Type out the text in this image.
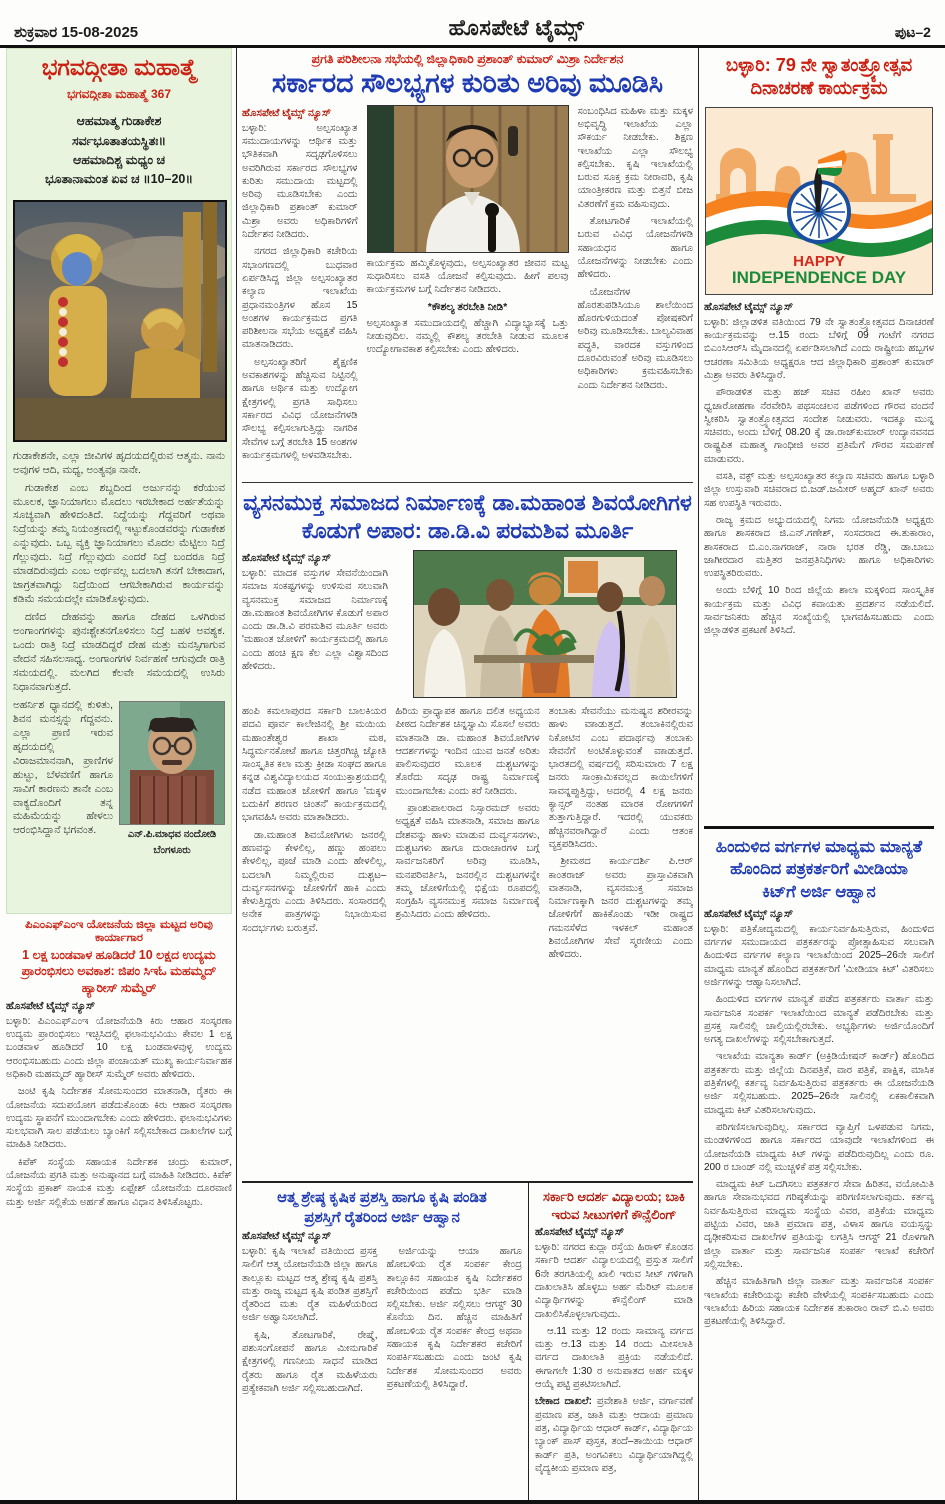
ಶುಕ್ರವಾರ 15-08-2025	ಹೊಸಪೇಟೆ ಟೈಮ್ಸ್	ಪುಟ–2
ಭಗವದ್ಗೀತಾ ಮಹಾತ್ಮೆ
ಭಗವದ್ಗೀತಾ ಮಹಾತ್ಮೆ 367
ಆಹಮಾತ್ಮ ಗುಡಾಕೇಶ
ಸರ್ವಭೂತಾತಯಸ್ಥಿತಃ॥
ಆಹಮಾದಿಶ್ಚ ಮಧ್ಯಂ ಚ
ಭೂತಾನಾಮಂತ ಏವ ಚ ॥10–20॥

ಗುಡಾಕೇಶನೇ, ಎಲ್ಲಾ ಜೀವಿಗಳ ಹೃದಯದಲ್ಲಿರುವ ಆತ್ಮನು. ನಾನು ಅವುಗಳ ಆದಿ, ಮಧ್ಯ, ಅಂತ್ಯವೂ ನಾನೇ.

ಗುಡಾಕೇಶ ಎಂಬ ಶಬ್ದದಿಂದ ಅರ್ಜುನನ್ನು ಕರೆಯುವ ಮೂಲಕ, ಜ್ಞಾನಿಯಾಗಲು ಮೊದಲು ಇರಬೇಕಾದ ಅರ್ಹತೆಯನ್ನು ಸೂಚ್ಯವಾಗಿ ಹೇಳಿದಂತಿದೆ. ನಿದ್ದೆಯನ್ನು ಗೆದ್ದವರಿಗೆ ಅಥವಾ ನಿದ್ರೆಯನ್ನು ತಮ್ಮ ನಿಯಂತ್ರಣದಲ್ಲಿ ಇಟ್ಟುಕೊಂಡವರನ್ನು ಗುಡಾಕೇಶ ಎನ್ನುವುದು. ಒಬ್ಬ ವ್ಯಕ್ತಿ ಜ್ಞಾನಿಯಾಗಲು ಮೊದಲ ಮೆಟ್ಟಿಲು ನಿದ್ರೆ ಗೆಲ್ಲುವುದು. ನಿದ್ರೆ ಗೆಲ್ಲುವುದು ಎಂದರೆ ನಿದ್ರೆ ಬಂದರೂ ನಿದ್ರೆ ಮಾಡದಿರುವುದು ಎಂಬ ಅರ್ಥವಲ್ಲ ಬದಲಾಗಿ ತನಗೆ ಬೇಕಾದಾಗ, ಜಾಗ್ರತವಾಗಿದ್ದು ನಿದ್ರೆಯಿಂದ ಆಗಬೇಕಾಗಿರುವ ಕಾರ್ಯವನ್ನು ಕಡಿಮೆ ಸಮಯದಲ್ಲೇ ಮಾಡಿಕೊಳ್ಳುವುದು.

ದಣಿದ ದೇಹವನ್ನು ಹಾಗೂ ದೇಹದ ಒಳಗಿರುವ ಅಂಗಾಂಗಗಳನ್ನು ಪುನಃಶ್ಚೇತನಗೊಳಿಸಲು ನಿದ್ರೆ ಬಹಳ ಅವಶ್ಯಕ. ಒಂದು ರಾತ್ರಿ ನಿದ್ರೆ ಮಾಡದಿದ್ದರೆ ದೇಹ ಮತ್ತು ಮನಸ್ಸಿಗಾಗುವ ವೇದನೆ ಸಹಿಸಲಸಾಧ್ಯ. ಅಂಗಾಂಗಗಳ ನಿರ್ವಹಣೆ ಆಗುವುದೇ ರಾತ್ರಿ ಸಮಯದಲ್ಲಿ. ಮಲಗಿದ ಕೆಲವೇ ಸಮಯದಲ್ಲಿ ಉಸಿರು ನಿಧಾನವಾಗುತ್ತದೆ.

ಎನ್.ಪಿ.ಮಾಧವ ನಂದೋಡಿ
ಬೆಂಗಳೂರು

ಅಹರ್ನಿಶ ಧ್ಯಾನದಲ್ಲಿ ಕುಳಿತು, ಶಿವನ ಮನಸ್ಸನ್ನು ಗೆದ್ದವನು. ಎಲ್ಲಾ ಪ್ರಾಣಿ ಇರುವ ಹೃದಯದಲ್ಲಿ ವಿರಾಜಮಾನನಾಗಿ, ಪ್ರಾಣಿಗಳ ಹುಟ್ಟು, ಬೆಳವಣಿಗೆ ಹಾಗೂ ಸಾವಿಗೆ ಕಾರಣನು ತಾನೇ ಎಂಬ ವಾಕ್ಯದೊಂದಿಗೆ ತನ್ನ ಮಹಿಮೆಯನ್ನು ಹೇಳಲು ಆರಂಭಿಸಿದ್ದಾನೆ ಭಗವಂತ.

ಪಿಎಂಎಫ್ಎಂಇ ಯೋಜನೆಯ ಜಿಲ್ಲಾ ಮಟ್ಟದ ಅರಿವು ಕಾರ್ಯಾಗಾರ
1 ಲಕ್ಷ ಬಂಡವಾಳ ಹೂಡಿದರೆ 10 ಲಕ್ಷದ ಉದ್ಯಮ ಪ್ರಾರಂಭಿಸಲು ಅವಕಾಶ: ಜಿಪಂ ಸಿಇಓ ಮಹಮ್ಮದ್ ಹ್ಯಾರೀಸ್ ಸುಮ್ಮೆರ್
ಹೊಸಪೇಟೆ ಟೈಮ್ಸ್ ನ್ಯೂಸ್

ಬಳ್ಳಾರಿ: ಪಿಎಂಎಫ್ಎಂಇ ಯೋಜನೆಯಡಿ ಕಿರು ಆಹಾರ ಸಂಸ್ಕರಣಾ ಉದ್ಯಮ ಪ್ರಾರಂಭಿಸಲು ಇಚ್ಛಿಸಿದಲ್ಲಿ ಫಲಾನುಭವಿಯು ಕೇವಲ 1 ಲಕ್ಷ ಬಂಡವಾಳ ಹೂಡಿದರೆ 10 ಲಕ್ಷ ಬಂಡವಾಳವುಳ್ಳ ಉದ್ಯಮ ಆರಂಭಿಸಬಹುದು ಎಂದು ಜಿಲ್ಲಾ ಪಂಚಾಯತ್ ಮುಖ್ಯ ಕಾರ್ಯನಿರ್ವಾಹಕ ಅಧಿಕಾರಿ ಮಹಮ್ಮದ್ ಹ್ಯಾರೀಸ್ ಸುಮ್ಮೆರ್ ಅವರು ಹೇಳಿದರು.

ಜಂಟಿ ಕೃಷಿ ನಿರ್ದೇಶಕ ಸೋಮಸುಂದರ ಮಾತನಾಡಿ, ರೈತರು ಈ ಯೋಜನೆಯ ಸದುಪಯೋಗ ಪಡೆದುಕೊಂಡು ಕಿರು ಆಹಾರ ಸಂಸ್ಕರಣಾ ಉದ್ಯಮ ಸ್ಥಾಪನೆಗೆ ಮುಂದಾಗಬೇಕು ಎಂದು ಹೇಳಿದರು. ಫಲಾನುಭವಿಗಳು ಸುಲಭವಾಗಿ ಸಾಲ ಪಡೆಯಲು ಬ್ಯಾಂಕಿಗೆ ಸಲ್ಲಿಸಬೇಕಾದ ದಾಖಲೆಗಳ ಬಗ್ಗೆ ಮಾಹಿತಿ ನೀಡಿದರು.

ಕಿಪೆಕ್ ಸಂಸ್ಥೆಯ ಸಹಾಯಕ ನಿರ್ದೇಶಕ ಚಂದ್ರು ಕುಮಾರ್, ಯೋಜನೆಯ ಪ್ರಗತಿ ಮತ್ತು ಅನುಷ್ಠಾನದ ಬಗ್ಗೆ ಮಾಹಿತಿ ನೀಡಿದರು. ಕಿಪೆಕ್ ಸಂಸ್ಥೆಯ ಪ್ರಕಾಶ್ ನಾಯಕ ಮತ್ತು ಏಫ್ಸೇಶ್ ಯೋಜನೆಯ ದೂರವಾಣಿ ಮತ್ತು ಅರ್ಜಿ ಸಲ್ಲಿಕೆಯ ಅರ್ಹತೆ ಹಾಗೂ ವಿಧಾನ ತಿಳಿಸಿಕೊಟ್ಟರು.

ಪ್ರಗತಿ ಪರಿಶೀಲನಾ ಸಭೆಯಲ್ಲಿ ಜಿಲ್ಲಾಧಿಕಾರಿ ಪ್ರಶಾಂತ್ ಕುಮಾರ್ ಮಿಶ್ರಾ ನಿರ್ದೇಶನ
ಸರ್ಕಾರದ ಸೌಲಭ್ಯಗಳ ಕುರಿತು ಅರಿವು ಮೂಡಿಸಿ
ಹೊಸಪೇಟೆ ಟೈಮ್ಸ್ ನ್ಯೂಸ್

ಬಳ್ಳಾರಿ: ಅಲ್ಪಸಂಖ್ಯಾತ ಸಮುದಾಯಗಳನ್ನು ಆರ್ಥಿಕ ಮತ್ತು ಭೌತಿಕವಾಗಿ ಸದೃಢಗೊಳಿಸಲು ಅವರಿಗಿರುವ ಸರ್ಕಾರದ ಸೌಲಭ್ಯಗಳ ಕುರಿತು ಸಮುದಾಯ ಮಟ್ಟದಲ್ಲಿ ಅರಿವು ಮೂಡಿಸಬೇಕು ಎಂದು ಜಿಲ್ಲಾಧಿಕಾರಿ ಪ್ರಶಾಂತ್ ಕುಮಾರ್ ಮಿಶ್ರಾ ಅವರು ಅಧಿಕಾರಿಗಳಿಗೆ ನಿರ್ದೇಶನ ನೀಡಿದರು.

ನಗರದ ಜಿಲ್ಲಾಧಿಕಾರಿ ಕಚೇರಿಯ ಸಭಾಂಗಣದಲ್ಲಿ ಬುಧವಾರ ಏರ್ಪಡಿಸಿದ್ದ ಜಿಲ್ಲಾ ಅಲ್ಪಸಂಖ್ಯಾತರ ಕಲ್ಯಾಣ ಇಲಾಖೆಯ ಪ್ರಧಾನಮಂತ್ರಿಗಳ ಹೊಸ 15 ಅಂಶಗಳ ಕಾರ್ಯಕ್ರಮದ ಪ್ರಗತಿ ಪರಿಶೀಲನಾ ಸಭೆಯ ಅಧ್ಯಕ್ಷತೆ ವಹಿಸಿ ಮಾತನಾಡಿದರು.

ಅಲ್ಪಸಂಖ್ಯಾತರಿಗೆ ಶೈಕ್ಷಣಿಕ ಅವಕಾಶಗಳನ್ನು ಹೆಚ್ಚಿಸುವ ನಿಟ್ಟಿನಲ್ಲಿ ಹಾಗೂ ಅರ್ಥಿಕ ಮತ್ತು ಉದ್ಯೋಗ ಕ್ಷೇತ್ರಗಳಲ್ಲಿ ಪ್ರಗತಿ ಸಾಧಿಸಲು ಸರ್ಕಾರದ ವಿವಿಧ ಯೋಜನೆಗಳಡಿ ಸೌಲಭ್ಯ ಕಲ್ಪಿಸಲಾಗುತ್ತಿದ್ದು ನಾಗರಿಕ ಸೇವೆಗಳ ಬಗ್ಗೆ ತರಬೇತಿ 15 ಅಂಶಗಳ ಕಾರ್ಯಕ್ರಮಗಳಲ್ಲಿ ಅಳವಡಿಸಬೇಕು.

ಕಾರ್ಯಕ್ರಮ ಹಮ್ಮಿಕೊಳ್ಳವುದು, ಅಲ್ಪಸಂಖ್ಯಾತರ ಜೀವನ ಮಟ್ಟ ಸುಧಾರಿಸಲು ವಸತಿ ಯೋಜನೆ ಕಲ್ಪಿಸುವುದು. ಹೀಗೆ ಪಲವು ಕಾರ್ಯಕ್ರಮಗಳ ಬಗ್ಗೆ ನಿರ್ದೇಶನ ನೀಡಿದರು.

*ಕೌಶಲ್ಯ ತರಬೇತಿ ನೀಡಿ*

ಅಲ್ಪಸಂಖ್ಯಾತ ಸಮುದಾಯದಲ್ಲಿ ಹೆಚ್ಚಾಗಿ ವಿದ್ಯಾಭ್ಯಾಸಕ್ಕೆ ಒತ್ತು ನೀಡುವುದಿಲ. ನಮ್ಮಲ್ಲಿ ಕೌಶಲ್ಯ ತರಬೇತಿ ನೀಡುವ ಮೂಲಕ ಉದ್ಯೋಗಾವಕಾಶ ಕಲ್ಪಿಸಬೇಕು ಎಂದು ಹೇಳಿದರು.

ಸಂಬಂಧಿಸಿದ ಮಹಿಳಾ ಮತ್ತು ಮಕ್ಕಳ ಅಭಿವೃದ್ಧಿ ಇಲಾಖೆಯ ಎಲ್ಲಾ ಸೌಕರ್ಯ ನೀಡಬೇಕು. ಶಿಕ್ಷಣ ಇಲಾಖೆಯ ಎಲ್ಲಾ ಸೌಲಭ್ಯ ಕಲ್ಪಿಸಬೇಕು. ಕೃಷಿ ಇಲಾಖೆಯಲ್ಲಿ ಬರುವ ಸೂಕ್ತ ಕ್ರಮ ನೀರಾವರಿ, ಕೃಷಿ ಯಾಂತ್ರೀಕರಣ ಮತ್ತು ಬಿತ್ತನೆ ಬೀಜ ವಿತರಣೆಗೆ ಕ್ರಮ ವಹಿಸುವುದು.

ತೋಟಗಾರಿಕೆ ಇಲಾಖೆಯಲ್ಲಿ ಬರುವ ವಿವಿಧ ಯೋಜನೆಗಳಡಿ ಸಹಾಯಧನ ಹಾಗೂ ಯೋಜನೆಗಳನ್ನು ನೀಡಬೇಕು ಎಂದು ಹೇಳಿದರು.

ಯೋಜನೆಗಳ ಹೊರತುಪಡಿಸಿಯೂ ಶಾಲೆಯಿಂದ ಹೊರಗುಳಿಯದಂತೆ ಪೋಷಕರಿಗೆ ಅರಿವು ಮೂಡಿಸಬೇಕು. ಬಾಲ್ಯವಿವಾಹ ಪದ್ಧತಿ, ವಾರದಕ ವಸ್ತುಗಳಿಂದ ದೂರವಿರುವಂತೆ ಅರಿವು ಮೂಡಿಸಲು ಅಧಿಕಾರಿಗಳು ಕ್ರಮವಹಿಸಬೇಕು ಎಂದು ನಿರ್ದೇಶನ ನೀಡಿದರು.

ವ್ಯಸನಮುಕ್ತ ಸಮಾಜದ ನಿರ್ಮಾಣಕ್ಕೆ ಡಾ.ಮಹಾಂತ ಶಿವಯೋಗಿಗಳ
ಕೊಡುಗೆ ಅಪಾರ: ಡಾ.ಡಿ.ವಿ ಪರಮಶಿವ ಮೂರ್ತಿ
ಹೊಸಪೇಟೆ ಟೈಮ್ಸ್ ನ್ಯೂಸ್

ಬಳ್ಳಾರಿ: ಮಾದಕ ವಸ್ತುಗಳ ಸೇವನೆಯಿಂದಾಗಿ ಸಮಾಜ ಸಂಕಷ್ಟಗಳನ್ನು ಉಳಿಸುವ ಸಲುವಾಗಿ ವ್ಯಸನಮುಕ್ತ ಸಮಾಜದ ನಿರ್ಮಾಣಕ್ಕೆ ಡಾ.ಮಹಾಂತ ಶಿವಯೋಗಿಗಳ ಕೊಡುಗೆ ಅಪಾರ ಎಂದು ಡಾ.ಡಿ.ವಿ ಪರಮಶಿವ ಮೂರ್ತಿ ಅವರು 'ಮಹಾಂತ ಜೋಳಿಗೆ' ಕಾರ್ಯಕ್ರಮದಲ್ಲಿ ಹಾಗೂ ಎಂದು ಹಂಚಿ ಕ್ಷಣ ಕೆಲ ಎಲ್ಲಾ ವಿಶ್ವಾಸದಿಂದ ಹೇಳಿದರು.

ಹಂಪಿ ಕಮಲಾಪುರದ ಸರ್ಕಾರಿ ಬಾಲಕಿಯರ ಪದವಿ ಪೂರ್ವ ಕಾಲೇಜಿನಲ್ಲಿ ಶ್ರೀ ಮಯಿಯ ಮಹಾಂತೇಶ್ವರ ಶಾಖಾ ಮಠ, ಸಿದ್ಧರ್ಮನಕೋಟೆ ಹಾಗೂ ಚಿತ್ತರಗಿಚ್ಚಿ ಜ್ಯೋತಿ ಸಾಂಸ್ಕೃತಿಕ ಕಲಾ ಮತ್ತು ಕ್ರೀಡಾ ಸಂಘದ ಹಾಗೂ ಕನ್ನಡ ವಿಶ್ವವಿದ್ಯಾಲಯದ ಸಂಯುಕ್ತಾಶ್ರಯದಲ್ಲಿ ನಡೆದ ಮಹಾಂತ ಜೋಳಿಗೆ ಹಾಗೂ 'ಮಕ್ಕಳ ಬದುಕಿಗೆ ಶರಣರ ಚಿಂತನೆ' ಕಾರ್ಯಕ್ರಮದಲ್ಲಿ ಭಾಗವಹಿಸಿ ಅವರು ಮಾತಾಡಿದರು.

ಡಾ.ಮಹಾಂತ ಶಿವಯೋಗಿಗಳು ಜನರಲ್ಲಿ ಹಣವನ್ನು ಕೇಳಲಿಲ್ಲ, ಹಣ್ಣು ಹಂಪಲು ಕೇಳಲಿಲ್ಲ, ಪೂಜೆ ಮಾಡಿ ಎಂದು ಹೇಳಲಿಲ್ಲ, ಬದಲಾಗಿ ನಿಮ್ಮಲ್ಲಿರುವ ದುಶ್ಚಟ–ದುರ್ವ್ಯಸನಗಳನ್ನು ಜೋಳಿಗೆಗೆ ಹಾಕಿ ಎಂದು ಕೇಳುತ್ತಿದ್ದರು ಎಂದು ತಿಳಿಸಿದರು. ಸಂಸಾರದಲ್ಲಿ ಅನೇಕ ಪಾತ್ರಗಳನ್ನು ನಿಭಾಯಿಸುವ ಸಂದರ್ಭಗಳು ಬರುತ್ತವೆ.

ಹಿರಿಯ ಪ್ರಾಧ್ಯಾಪಕ ಹಾಗೂ ದಲಿತ ಅಧ್ಯಯನ ಪೀಠದ ನಿರ್ದೇಶಕ ಚಿನ್ನಸ್ವಾಮಿ ಸೊಸಲೆ ಅವರು ಮಾತನಾಡಿ ಡಾ. ಮಹಾಂತ ಶಿವಯೋಗಿಗಳ ಆದರ್ಶಗಳನ್ನು ಇಂದಿನ ಯುವ ಜನತೆ ಅರಿತು ಪಾಲಿಸುವುದರ ಮೂಲಕ ದುಶ್ಚಟಗಳನ್ನು ತೊರೆದು ಸದೃಢ ರಾಷ್ಟ್ರ ನಿರ್ಮಾಣಕ್ಕೆ ಮುಂದಾಗಬೇಕು ಎಂದು ಕರೆ ನೀಡಿದರು.

ಪ್ರಾಂಶುಪಾಲರಾದ ನಿಸ್ಸಾರಮದ್ ಅವರು ಅಧ್ಯಕ್ಷತೆ ವಹಿಸಿ ಮಾತನಾಡಿ, ಸಮಾಜ ಹಾಗೂ ದೇಶವನ್ನು ಹಾಳು ಮಾಡುವ ದುರ್ವ್ಯಸನಗಳು, ದುಶ್ಚಟಗಳು ಹಾಗೂ ದುರಾಚಾರಗಳ ಬಗ್ಗೆ ಸಾರ್ವಜನಿಕರಿಗೆ ಅರಿವು ಮೂಡಿಸಿ, ಮನಪರಿವರ್ತಿಸಿ, ಜನರಲ್ಲಿನ ದುಶ್ಚಟಗಳನ್ನೇ ತಮ್ಮ ಜೋಳಿಗೆಯಲ್ಲಿ ಭಿಕ್ಷೆಯ ರೂಪದಲ್ಲಿ ಸಂಗ್ರಹಿಸಿ ವ್ಯಸನಮುಕ್ತ ಸಮಾಜ ನಿರ್ಮಾಣಕ್ಕೆ ಶ್ರಮಿಸಿದರು ಎಂದು ಹೇಳಿದರು.

ತಂಬಾಕು ಸೇವನೆಯು ಮನುಷ್ಯನ ಶರೀರವನ್ನು ಹಾಳು ವಾಾಡುತ್ತದೆ. ತಂಬಾಕಿನಲ್ಲಿರುವ ನಿಕೋಟಿನ ಎಂಬ ಪದಾರ್ಥವು ತಂಬಾಕು ಸೇವನೆಗೆ ಅಂಟಿಕೊಳ್ಳುವಂತೆ ವಾಾಡುತ್ತದೆ. ಭಾರತದಲ್ಲಿ ವರ್ಷದಲ್ಲಿ ಸರಿಸುಮಾರು 7 ಲಕ್ಷ ಜನರು ಸಾಂಕ್ರಾಮಿಕವಲ್ಲದ ಕಾಯಿಲೆಗಳಿಗೆ ಸಾವನ್ನಪ್ಪುತ್ತಿದ್ದು, ಅದರಲ್ಲಿ 4 ಲಕ್ಷ ಜನರು ಕ್ಯಾನ್ಸರ್ ನಂತಹ ಮಾರಕ ರೋಗಗಳಿಗೆ ತುತ್ತಾಗುತ್ತಿದ್ದಾರೆ. ಇದರಲ್ಲಿ ಯುವಕರು ಹೆಚ್ಚಿನವರಾಗಿದ್ದಾರೆ ಎಂದು ಆತಂಕ ವ್ಯಕ್ತಪಡಿಸಿದರು.

ಶ್ರೀಮಠದ ಕಾರ್ಯದರ್ಶಿ ಪಿ.ಆರ್ ಕಾಂತರಾಜ್ ಅವರು ಪ್ರಾಸ್ತಾವಿಕವಾಗಿ ವಾತನಾಡಿ, ವ್ಯಸನಮುಕ್ತ ಸಮಾಜ ನಿರ್ಮಾಣಕ್ಕಾಗಿ ಜನರ ದುಶ್ಚಟಗಳನ್ನು ತಮ್ಮ ಜೋಳಿಗೆಗೆ ಹಾಕಿಕೊಂಡು ಇಡೀ ರಾಷ್ಟ್ರದ ಗಮನಸೆಳೆದ ಇಳಕಲ್ ಮಹಾಂತ ಶಿವಯೋಗಿಗಳ ಸೇವೆ ಸ್ಮರಣೀಯ ಎಂದು ಹೇಳಿದರು.

ಆತ್ಮ ಶ್ರೇಷ್ಠ ಕೃಷಿಕ ಪ್ರಶಸ್ತಿ ಹಾಗೂ ಕೃಷಿ ಪಂಡಿತ
ಪ್ರಶಸ್ತಿಗೆ ರೈತರಿಂದ ಅರ್ಜಿ ಆಹ್ವಾನ
ಹೊಸಪೇಟೆ ಟೈಮ್ಸ್ ನ್ಯೂಸ್

ಬಳ್ಳಾರಿ: ಕೃಷಿ ಇಲಾಖೆ ವತಿಯಿಂದ ಪ್ರಸಕ್ತ ಸಾಲಿಗೆ ಆತ್ಮ ಯೋಜನೆಯಡಿ ಜಿಲ್ಲಾ ಹಾಗೂ ತಾಲ್ಲೂಕು ಮಟ್ಟದ ಆತ್ಮ ಶ್ರೇಷ್ಠ ಕೃಷಿ ಪ್ರಶಸ್ತಿ ಮತ್ತು ರಾಜ್ಯ ಮಟ್ಟದ ಕೃಷಿ ಪಂಡಿತ ಪ್ರಶಸ್ತಿಗೆ ರೈತರಿಂದ ಮತು ರೈತ ಮಹಿಳೆಯರಿಂದ ಅರ್ಜಿ ಅಹ್ವಾನಿಸಲಾಗಿದೆ.

ಕೃಷಿ, ತೋಟಗಾರಿಕೆ, ರೇಷ್ಮೆ, ಪಶುಸಂಗೋಪನೆ ಹಾಗೂ ಮೀನುಗಾರಿಕೆ ಕ್ಷೇತ್ರಗಳಲ್ಲಿ ಗಣನೀಯ ಸಾಧನೆ ಮಾಡಿದ ರೈತರು ಹಾಗೂ ರೈತ ಮಹಿಳೆಯರು ಪ್ರತ್ಯೇಕವಾಗಿ ಅರ್ಜಿ ಸಲ್ಲಿಸಬಹುದಾಗಿದೆ.

ಅರ್ಜಿಯನ್ನು ಆಯಾ ಹಾಗೂ ಹೋಬಳಿಯ ರೈತ ಸಂಪರ್ಕ ಕೇಂದ್ರ ತಾಲ್ಲೂಕಿನ ಸಹಾಯಕ ಕೃಷಿ ನಿರ್ದೇಶಕರ ಕಚೇರಿಯಿಂದ ಪಡೆದು ಭರ್ತಿ ಮಾಡಿ ಸಲ್ಲಿಸಬೇಕು. ಅರ್ಜಿ ಸಲ್ಲಿಸಲು ಆಗಸ್ಟ್ 30 ಕೊನೆಯ ದಿನ. ಹೆಚ್ಚಿನ ಮಾಹಿತಿಗೆ ಹೋಬಳಿಯ ರೈತ ಸಂಪರ್ಕ ಕೇಂದ್ರ ಅಥವಾ ಸಹಾಯಕ ಕೃಷಿ ನಿರ್ದೇಶಕರ ಕಚೇರಿಗೆ ಸಂಪರ್ಕಿಸಬಹುದು ಎಂದು ಜಂಟಿ ಕೃಷಿ ನಿರ್ದೇಶಕ ಸೋಮಸುಂದರ ಅವರು ಪ್ರಕಟಣೆಯಲ್ಲಿ ತಿಳಿಸಿದ್ದಾರೆ.

ಸರ್ಕಾರಿ ಆದರ್ಶ ವಿದ್ಯಾಲಯ; ಬಾಕಿ
ಇರುವ ಸೀಟುಗಳಿಗೆ ಕೌನ್ಸೆಲಿಂಗ್
ಹೊಸಪೇಟೆ ಟೈಮ್ಸ್ ನ್ಯೂಸ್

ಬಳ್ಳಾರಿ: ನಗರದ ಕುದ್ಲಾ ರಸ್ತೆಯ ಹಿರಾಳ್ ಕೊಂಡನ ಸರ್ಕಾರಿ ಆದರ್ಶ ವಿದ್ಯಾಲಯದಲ್ಲಿ ಪ್ರಸ್ತುತ ಸಾಲಿಗೆ 6ನೇ ತರಗತಿಯಲ್ಲಿ ಖಾಲಿ ಇರುವ ಸೀಟ್ ಗಳಿಗಾಗಿ ದಾಖಲಾತಿಸಿ ಹೊಳ್ಳಬು ಅರ್ಹ ಮೆರಿಟ್ ಮೂಲಕ ವಿದ್ಯಾರ್ಥಿಗಳನ್ನು ಕೌನ್ಸೆಲಿಂಗ್ ಮಾಡಿ ದಾಖಲಿಸಿಕೊಳ್ಳಲಾಗುವುದು.

ಆ.11 ಮತ್ತು 12 ರಂದು ಸಾಮಾನ್ಯ ವರ್ಗದ ಮತ್ತು ಆ.13 ಮತ್ತು 14 ರಂದು ಮೀಸಲಾತಿ ವರ್ಗದ ದಾಖಲಾತಿ ಪ್ರಕ್ರಿಯ ನಡೆಯಲಿದೆ. ಈಗಾಗಲೇ 1:30 ರ ಅನುಪಾತದ ಅರ್ಹ ಮಕ್ಕಳ ಆಯ್ಕೆ ಪಟ್ಟಿ ಪ್ರಕಟಿಸಲಾಗಿದೆ.

ಬೇಕಾದ ದಾಖಲೆ: ಪ್ರವೇಶಾತಿ ಅರ್ಜಿ, ವರ್ಗಾವಣೆ ಪ್ರಮಾಣ ಪತ್ರ, ಜಾತಿ ಮತ್ತು ಆದಾಯ ಪ್ರಮಾಣ ಪತ್ರ, ವಿದ್ಯಾರ್ಥಿಯ ಆಧಾರ್ ಕಾರ್ಡ್, ವಿದ್ಯಾರ್ಥಿಯ ಬ್ಯಾಂಕ್ ಪಾಸ್ ಪುಸ್ತಕ, ತಂದೆ–ತಾಯಿಯ ಆಧಾರ್ ಕಾರ್ಡ್ ಪ್ರತಿ, ಅಂಗವಿಕಲು ವಿದ್ಯಾರ್ಥಿಯಾಗಿದ್ದಲ್ಲಿ ವೈದ್ಯಕೀಯ ಪ್ರಮಾಣ ಪತ್ರ,

ಬಳ್ಳಾರಿ: 79 ನೇ ಸ್ವಾತಂತ್ರ್ಯೋತ್ಸವ
ದಿನಾಚರಣೆ ಕಾರ್ಯಕ್ರಮ
HAPPY
INDEPENDENCE DAY
ಹೊಸಪೇಟೆ ಟೈಮ್ಸ್ ನ್ಯೂಸ್

ಬಳ್ಳಾರಿ: ಜಿಲ್ಲಾಡಳಿತ ವತಿಯಿಂದ 79 ನೇ ಸ್ವಾತಂತ್ರ್ಯೋತ್ಸವದ ದಿನಾಚರಣೆ ಕಾರ್ಯಕ್ರಮವನ್ನು ಆ.15 ರಂದು ಬೆಳಿಗ್ಗೆ 09 ಗಂಟೆಗೆ ನಗರದ ಬಿಎಂಸಿಆರ್‌ಸಿ ಮೈದಾನದಲ್ಲಿ ಏರ್ಪಡಿಸಲಾಗಿದೆ ಎಂದು ರಾಷ್ಟ್ರೀಯ ಹಬ್ಬಗಳ ಆಚರಣಾ ಸಮಿತಿಯ ಅಧ್ಯಕ್ಷರೂ ಆದ ಜಿಲ್ಲಾಧಿಕಾರಿ ಪ್ರಶಾಂತ್ ಕುಮಾರ್ ಮಿಶ್ರಾ ಅವರು ತಿಳಿಸಿದ್ದಾರೆ.

ಪೌರಾಡಳಿತ ಮತ್ತು ಹಜ್ ಸಚಿವ ರಹೀಂ ಖಾನ್ ಅವರು ಧ್ವಜಾರೋಹಣಾ ನೆರವೇರಿಸಿ ಪಥಸಂಚಲನ ಪಡೆಗಳಿಂದ ಗೌರವ ವಂದನೆ ಸ್ವೀಕರಿಸಿ ಸ್ವಾತಂತ್ರ್ಯೋತ್ಸವದ ಸಂದೇಶ ನೀಡುವರು. ಇದಕ್ಕೂ ಮುನ್ನ ಸಚಿವರು, ಅಂದು ಬೆಳಿಗ್ಗೆ 08.20 ಕ್ಕೆ ಡಾ.ರಾಜ್‌ಕುಮಾರ್ ಉದ್ಯಾನವನದ ರಾಷ್ಟ್ರಪಿತ ಮಹಾತ್ಮ ಗಾಂಧೀಜಿ ಅವರ ಪ್ರತಿಮೆಗೆ ಗೌರವ ಸಮರ್ಪಣೆ ಮಾಡುವರು.

ವಸತಿ, ವಕ್ಫ್ ಮತ್ತು ಅಲ್ಪಸಂಖ್ಯಾತರ ಕಲ್ಯಾಣ ಸಚಿವರು ಹಾಗೂ ಬಳ್ಳಾರಿ ಜಿಲ್ಲಾ ಉಸ್ತುವಾರಿ ಸಚಿವರಾದ ಬಿ.ಜಡ್.ಜಮೀರ್ ಅಹ್ಮದ್ ಖಾನ್ ಅವರು ಸಹ ಉಪಸ್ಥಿತಿ ಇರುವರು.

ರಾಜ್ಯ ಕ್ರಮದ ಅಭ್ಯುದಯದಲ್ಲಿ ನಿಗಮ ಯೋಜನೆಯಡಿ ಅಧ್ಯಕ್ಷರು ಹಾಗೂ ಶಾಸಕರಾದ ಜಿ.ಎನ್.ಗಣೇಶ್, ಸಂಸದರಾದ ಈ.ತುಕಾರಾಂ, ಶಾಸಕರಾದ ಬಿ.ಎಂ.ನಾಗರಾಜ್, ನಾರಾ ಭರತ ರೆಡ್ಡಿ, ಡಾ.ಬಾಬು ಜಾಗೀರದಾರ ಮತ್ತಿತರ ಜನಪ್ರತಿನಿಧಿಗಳು ಹಾಗೂ ಅಧಿಕಾರಿಗಳು ಉಪಸ್ಥಿತರಿರುವರು.

ಅಂದು ಬೆಳಿಗ್ಗೆ 10 ರಿಂದ ಜಿಲ್ಲೆಯ ಶಾಲಾ ಮಕ್ಕಳಿಂದ ಸಾಂಸ್ಕೃತಿಕ ಕಾರ್ಯಕ್ರಮ ಮತ್ತು ವಿವಿಧ ಕವಾಯತು ಪ್ರದರ್ಶನ ನಡೆಯಲಿದೆ. ಸಾರ್ವಜನಿಕರು ಹೆಚ್ಚಿನ ಸಂಖ್ಯೆಯಲ್ಲಿ ಭಾಗವಹಿಸಬಹುದು ಎಂದು ಜಿಲ್ಲಾಡಳಿತ ಪ್ರಕಟಣೆ ತಿಳಿಸಿದೆ.

ಹಿಂದುಳಿದ ವರ್ಗಗಳ ಮಾಧ್ಯಮ ಮಾನ್ಯತೆ
ಹೊಂದಿದ ಪತ್ರಕರ್ತರಿಗೆ ಮೀಡಿಯಾ
ಕಿಟ್‌ಗೆ ಅರ್ಜಿ ಆಹ್ವಾನ
ಹೊಸಪೇಟೆ ಟೈಮ್ಸ್ ನ್ಯೂಸ್

ಬಳ್ಳಾರಿ: ಪತ್ರಿಕೋದ್ಯಮದಲ್ಲಿ ಕಾರ್ಯನಿರ್ವಹಿಸುತ್ತಿರುವ, ಹಿಂದುಳಿದ ವರ್ಗಗಳ ಸಮುದಾಯದ ಪತ್ರಕರ್ತರನ್ನು ಪ್ರೋತ್ಸಾಹಿಸುವ ಸಲುವಾಗಿ ಹಿಂದುಳಿದ ವರ್ಗಗಳ ಕಲ್ಯಾಣ ಇಲಾಖೆಯಿಂದ 2025–26ನೇ ಸಾಲಿಗೆ ಮಾಧ್ಯಮ ಮಾನ್ಯತೆ ಹೊಂದಿದ ಪತ್ರಕರ್ತರಿಗೆ 'ಮೀಡಿಯಾ ಕಿಟ್' ವಿತರಿಸಲು ಅರ್ಜಿಗಳನ್ನು ಆಹ್ವಾನಿಸಲಾಗಿದೆ.

ಹಿಂದುಳಿದ ವರ್ಗಗಳ ಮಾನ್ಯತೆ ಪಡೆದ ಪತ್ರಕರ್ತರು ವಾರ್ತಾ ಮತ್ತು ಸಾರ್ವಜನಿಕ ಸಂಪರ್ಕ ಇಲಾಖೆಯಿಂದ ಮಾನ್ಯತೆ ಪಡೆದಿರಬೇಕು ಮತ್ತು ಪ್ರಸಕ್ತ ಸಾಲಿನಲ್ಲಿ ಚಾಲ್ತಿಯಲ್ಲಿರಬೇಕು. ಅಭ್ಯರ್ಥಿಗಳು ಅರ್ಜಿಯೊಂದಿಗೆ ಅಗತ್ಯ ದಾಖಲೆಗಳನ್ನು ಸಲ್ಲಿಸಬೇಕಾಗುತ್ತದೆ.

ಇಲಾಖೆಯ ಮಾನ್ಯತಾ ಕಾರ್ಡ್ (ಅಕ್ರಿಡಿಯೇಷನ್ ಕಾರ್ಡ್) ಹೊಂದಿದ ಪತ್ರಕರ್ತರು ಮತ್ತು ಜಿಲ್ಲೆಯ ದಿನಪತ್ರಿಕೆ, ವಾರ ಪತ್ರಿಕೆ, ಪಾಕ್ಷಿಕ, ಮಾಸಿಕ ಪತ್ರಿಕೆಗಳಲ್ಲಿ ಕರ್ತವ್ಯ ನಿರ್ವಹಿಸುತ್ತಿರುವ ಪತ್ರಕರ್ತರು ಈ ಯೋಜನೆಯಡಿ ಅರ್ಜಿ ಸಲ್ಲಿಸಬಹುದು. 2025–26ನೇ ಸಾಲಿನಲ್ಲಿ ಏಕಕಾಲಿಕವಾಗಿ ಮಾಧ್ಯಮ ಕಿಟ್ ವಿತರಿಸಲಾಗುವುದು.

ಪರಿಗಣಿಸಲಾಗುವುದಿಲ್ಲ. ಸರ್ಕಾರದ ವ್ಯಾಪ್ತಿಗೆ ಒಳಪಡುವ ನಿಗಮ, ಮಂಡಳಿಗಳಿಂದ ಹಾಗೂ ಸರ್ಕಾರದ ಯಾವುದೇ ಇಲಾಖೆಗಳಿಂದ ಈ ಯೋಜನೆಯಡಿ ಮಾಧ್ಯಮ ಕಿಟ್ ಗಳನ್ನು ಪಡೆದಿರುವುದಿಲ್ಲ ಎಂದು ರೂ. 200 ರ ಬಾಂಡ್ ನಲ್ಲಿ ಮುಚ್ಚಳಿಕೆ ಪತ್ರ ಸಲ್ಲಿಸಬೇಕು.

ಮಾಧ್ಯಮ ಕಿಟ್ ಒದಗಿಸಲು ಪತ್ರಕರ್ತರ ಸೇವಾ ಹಿರಿತನ, ವಯೋಮಿತಿ ಹಾಗೂ ಸೇವಾನುಭವದ ಗರಿಷ್ಠತೆಯನ್ನು ಪರಿಗಣಿಸಲಾಗುವುದು. ಕರ್ತವ್ಯ ನಿರ್ವಹಿಸುತ್ತಿರುವ ಮಾಧ್ಯಮ ಸಂಸ್ಥೆಯ ವಿವರ, ಪತ್ರಿಕೆಯ ಮಾಧ್ಯಮ ಪಟ್ಟಿಯ ವಿವರ, ಜಾತಿ ಪ್ರಮಾಣ ಪತ್ರ, ವಿಳಾಸ ಹಾಗೂ ವಯಸ್ಸನ್ನು ದೃಢೀಕರಿಸುವ ದಾಖಲೆಗಳ ಪ್ರತಿಯನ್ನು ಲಗತ್ತಿಸಿ ಆಗಸ್ಟ್ 21 ರೊಳಗಾಗಿ ಜಿಲ್ಲಾ ವಾರ್ತಾ ಮತ್ತು ಸಾರ್ವಜನಿಕ ಸಂಪರ್ಕ ಇಲಾಖೆ ಕಚೇರಿಗೆ ಸಲ್ಲಿಸಬೇಕು.

ಹೆಚ್ಚಿನ ಮಾಹಿತಿಗಾಗಿ ಜಿಲ್ಲಾ ವಾರ್ತಾ ಮತ್ತು ಸಾರ್ವಜನಿಕ ಸಂಪರ್ಕ ಇಲಾಖೆಯ ಕಚೇರಿಯನ್ನು ಕಚೇರಿ ವೇಳೆಯಲ್ಲಿ ಸಂಪರ್ಕಿಸಬಹುದು ಎಂದು ಇಲಾಖೆಯ ಹಿರಿಯ ಸಹಾಯಕ ನಿರ್ದೇಶಕ ತುಕಾರಾಂ ರಾವ್ ಬಿ.ವಿ ಅವರು ಪ್ರಕಟಣೆಯಲ್ಲಿ ತಿಳಿಸಿದ್ದಾರೆ.
